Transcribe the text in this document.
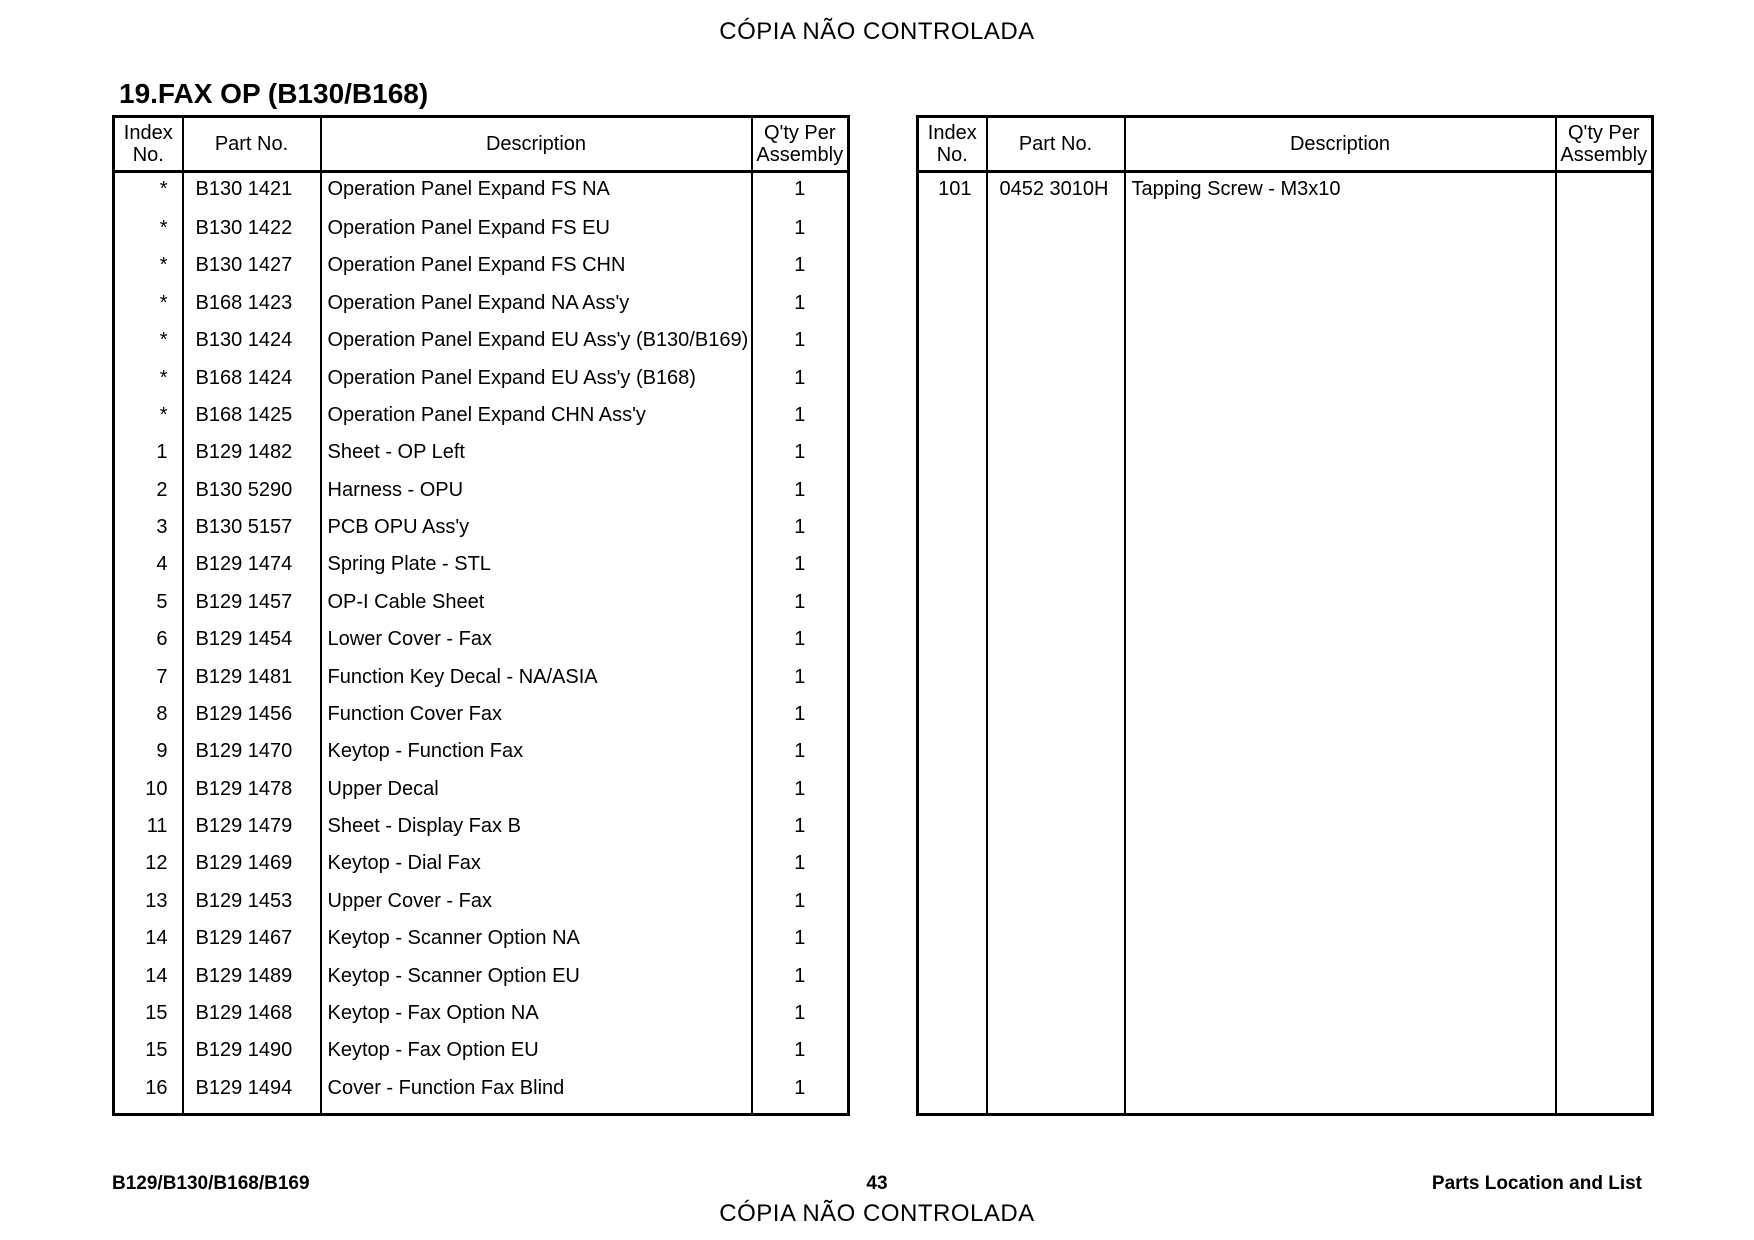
CÓPIA NÃO CONTROLADA
19.FAX OP (B130/B168)
Index
No.	Part No.	Description	Q'ty Per
Assembly
*	B130 1421	Operation Panel Expand FS NA	1
*	B130 1422	Operation Panel Expand FS EU	1
*	B130 1427	Operation Panel Expand FS CHN	1
*	B168 1423	Operation Panel Expand NA Ass'y	1
*	B130 1424	Operation Panel Expand EU Ass'y (B130/B169)	1
*	B168 1424	Operation Panel Expand EU Ass'y (B168)	1
*	B168 1425	Operation Panel Expand CHN Ass'y	1
1	B129 1482	Sheet - OP Left	1
2	B130 5290	Harness - OPU	1
3	B130 5157	PCB OPU Ass'y	1
4	B129 1474	Spring Plate - STL	1
5	B129 1457	OP-I Cable Sheet	1
6	B129 1454	Lower Cover - Fax	1
7	B129 1481	Function Key Decal - NA/ASIA	1
8	B129 1456	Function Cover Fax	1
9	B129 1470	Keytop - Function Fax	1
10	B129 1478	Upper Decal	1
11	B129 1479	Sheet - Display Fax B	1
12	B129 1469	Keytop - Dial Fax	1
13	B129 1453	Upper Cover - Fax	1
14	B129 1467	Keytop - Scanner Option NA	1
14	B129 1489	Keytop - Scanner Option EU	1
15	B129 1468	Keytop - Fax Option NA	1
15	B129 1490	Keytop - Fax Option EU	1
16	B129 1494	Cover - Function Fax Blind	1

Index
No.	Part No.	Description	Q'ty Per
Assembly
101	0452 3010H	Tapping Screw - M3x10	

B129/B130/B168/B169	43	Parts Location and List
CÓPIA NÃO CONTROLADA
